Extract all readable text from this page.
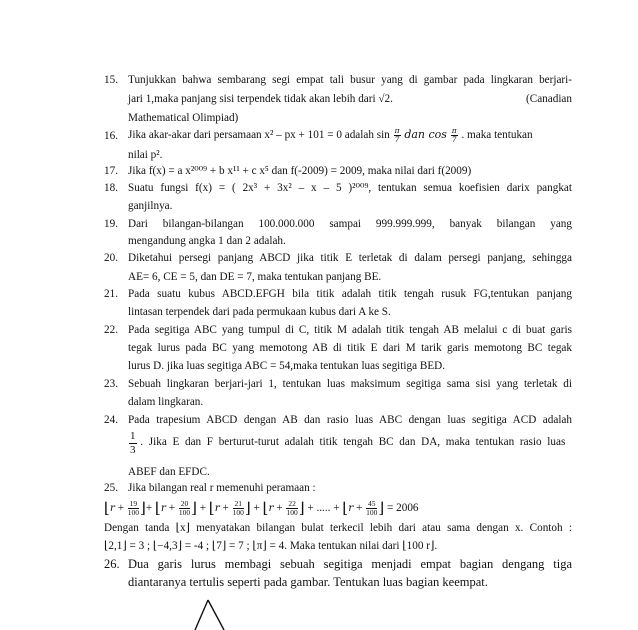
15. Tunjukkan bahwa sembarang segi empat tali busur yang di gambar pada lingkaran berjari-
jari 1,maka panjang sisi terpendek tidak akan lebih dari √2.	(Canadian
Mathematical Olimpiad)
16. Jika akar-akar dari persamaan x² – px + 101 = 0 adalah $\sin \frac{\pi}{7}$ dan $\cos \frac{\pi}{7}$ . maka tentukan
nilai p².
17. Jika f(x) = a x²⁰⁰⁹ + b x¹¹ + c x⁵ dan f(-2009) = 2009, maka nilai dari f(2009)
18. Suatu fungsi f(x) = ( 2x³ + 3x² – x – 5 )²⁰⁰⁹, tentukan semua koefisien darix pangkat
ganjilnya.
19. Dari bilangan-bilangan 100.000.000 sampai 999.999.999, banyak bilangan yang
mengandung angka 1 dan 2 adalah.
20. Diketahui persegi panjang ABCD jika titik E terletak di dalam persegi panjang, sehingga
AE= 6, CE = 5, dan DE = 7, maka tentukan panjang BE.
21. Pada suatu kubus ABCD.EFGH bila titik adalah titik tengah rusuk FG,tentukan panjang
lintasan terpendek dari pada permukaan kubus dari A ke S.
22. Pada segitiga ABC yang tumpul di C, titik M adalah titik tengah AB melalui c di buat garis
tegak lurus pada BC yang memotong AB di titik E dari M tarik garis memotong BC tegak
lurus D. jika luas segitiga ABC = 54,maka tentukan luas segitiga BED.
23. Sebuah lingkaran berjari-jari 1, tentukan luas maksimum segitiga sama sisi yang terletak di
dalam lingkaran.
24. Pada trapesium ABCD dengan AB dan rasio luas ABC dengan luas segitiga ACD adalah
$\frac{1}{3}$ . Jika E dan F berturut-turut adalah titik tengah BC dan DA, maka tentukan rasio luas
ABEF dan EFDC.
25. Jika bilangan real r memenuhi peramaan :
⌊r + $\frac{19}{100}$ ⌋+ ⌊r + $\frac{20}{100}$ ⌋ + ⌊r + $\frac{21}{100}$ ⌋ + ⌊r + $\frac{22}{100}$ ⌋ + ..... + ⌊r + $\frac{45}{100}$ ⌋ = 2006
Dengan tanda ⌊x⌋ menyatakan bilangan bulat terkecil lebih dari atau sama dengan x. Contoh :
⌊2,1⌋ = 3 ; ⌊−4,3⌋ = -4 ; ⌊7⌋ = 7 ; ⌊π⌋ = 4. Maka tentukan nilai dari ⌊100 r⌋.
26. Dua garis lurus membagi sebuah segitiga menjadi empat bagian dengang tiga
diantaranya tertulis seperti pada gambar. Tentukan luas bagian keempat.
